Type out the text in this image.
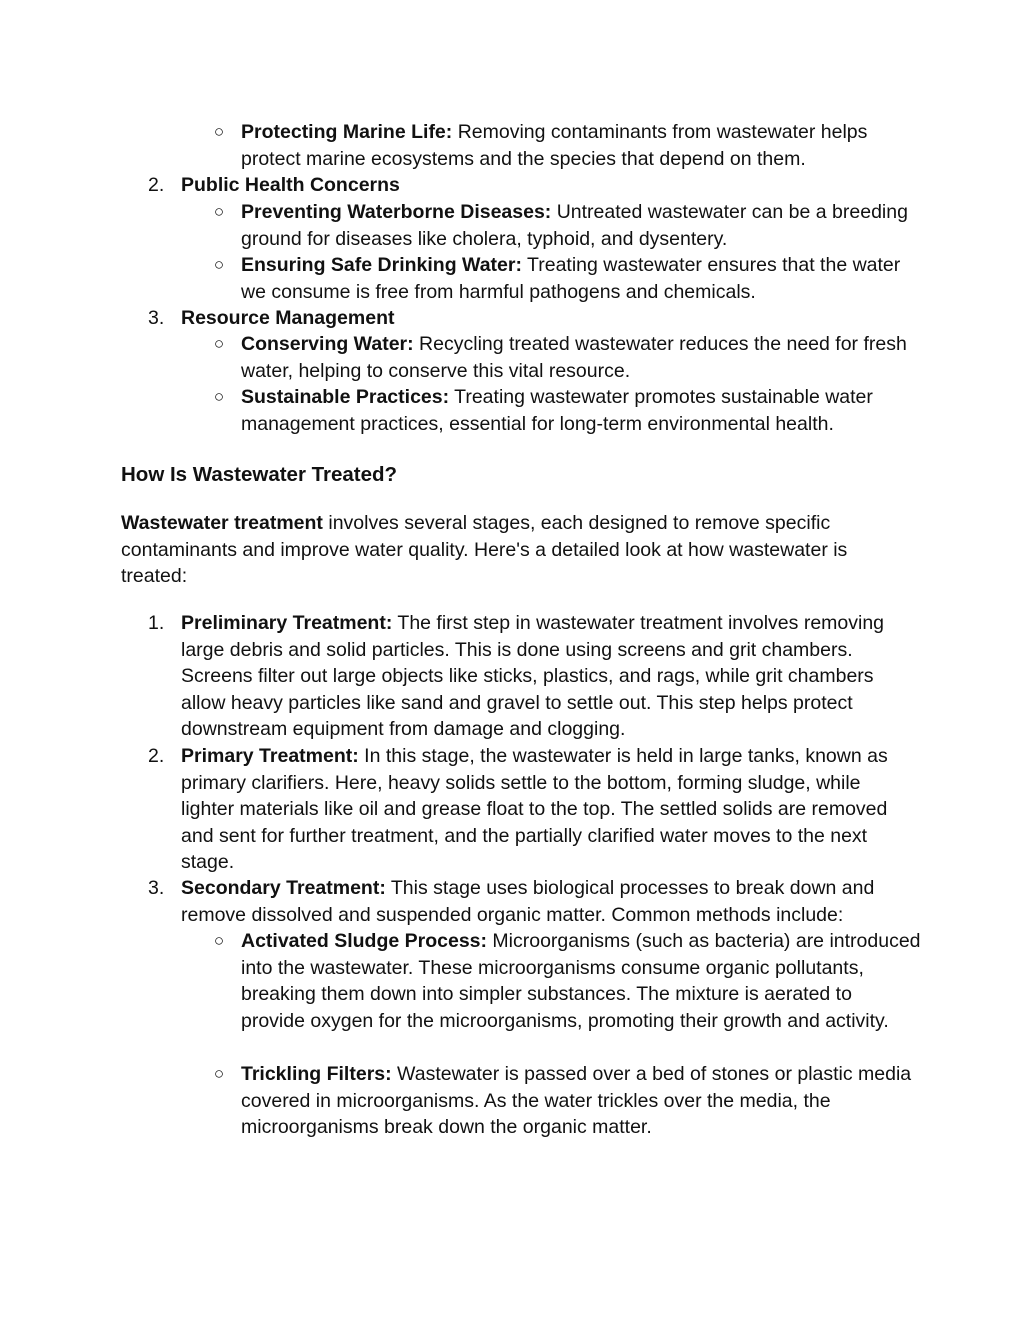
○ Protecting Marine Life: Removing contaminants from wastewater helps protect marine ecosystems and the species that depend on them.
2. Public Health Concerns
○ Preventing Waterborne Diseases: Untreated wastewater can be a breeding ground for diseases like cholera, typhoid, and dysentery.
○ Ensuring Safe Drinking Water: Treating wastewater ensures that the water we consume is free from harmful pathogens and chemicals.
3. Resource Management
○ Conserving Water: Recycling treated wastewater reduces the need for fresh water, helping to conserve this vital resource.
○ Sustainable Practices: Treating wastewater promotes sustainable water management practices, essential for long-term environmental health.
How Is Wastewater Treated?
Wastewater treatment involves several stages, each designed to remove specific contaminants and improve water quality. Here's a detailed look at how wastewater is treated:
1. Preliminary Treatment: The first step in wastewater treatment involves removing large debris and solid particles. This is done using screens and grit chambers. Screens filter out large objects like sticks, plastics, and rags, while grit chambers allow heavy particles like sand and gravel to settle out. This step helps protect downstream equipment from damage and clogging.
2. Primary Treatment: In this stage, the wastewater is held in large tanks, known as primary clarifiers. Here, heavy solids settle to the bottom, forming sludge, while lighter materials like oil and grease float to the top. The settled solids are removed and sent for further treatment, and the partially clarified water moves to the next stage.
3. Secondary Treatment: This stage uses biological processes to break down and remove dissolved and suspended organic matter. Common methods include:
○ Activated Sludge Process: Microorganisms (such as bacteria) are introduced into the wastewater. These microorganisms consume organic pollutants, breaking them down into simpler substances. The mixture is aerated to provide oxygen for the microorganisms, promoting their growth and activity.
○ Trickling Filters: Wastewater is passed over a bed of stones or plastic media covered in microorganisms. As the water trickles over the media, the microorganisms break down the organic matter.
